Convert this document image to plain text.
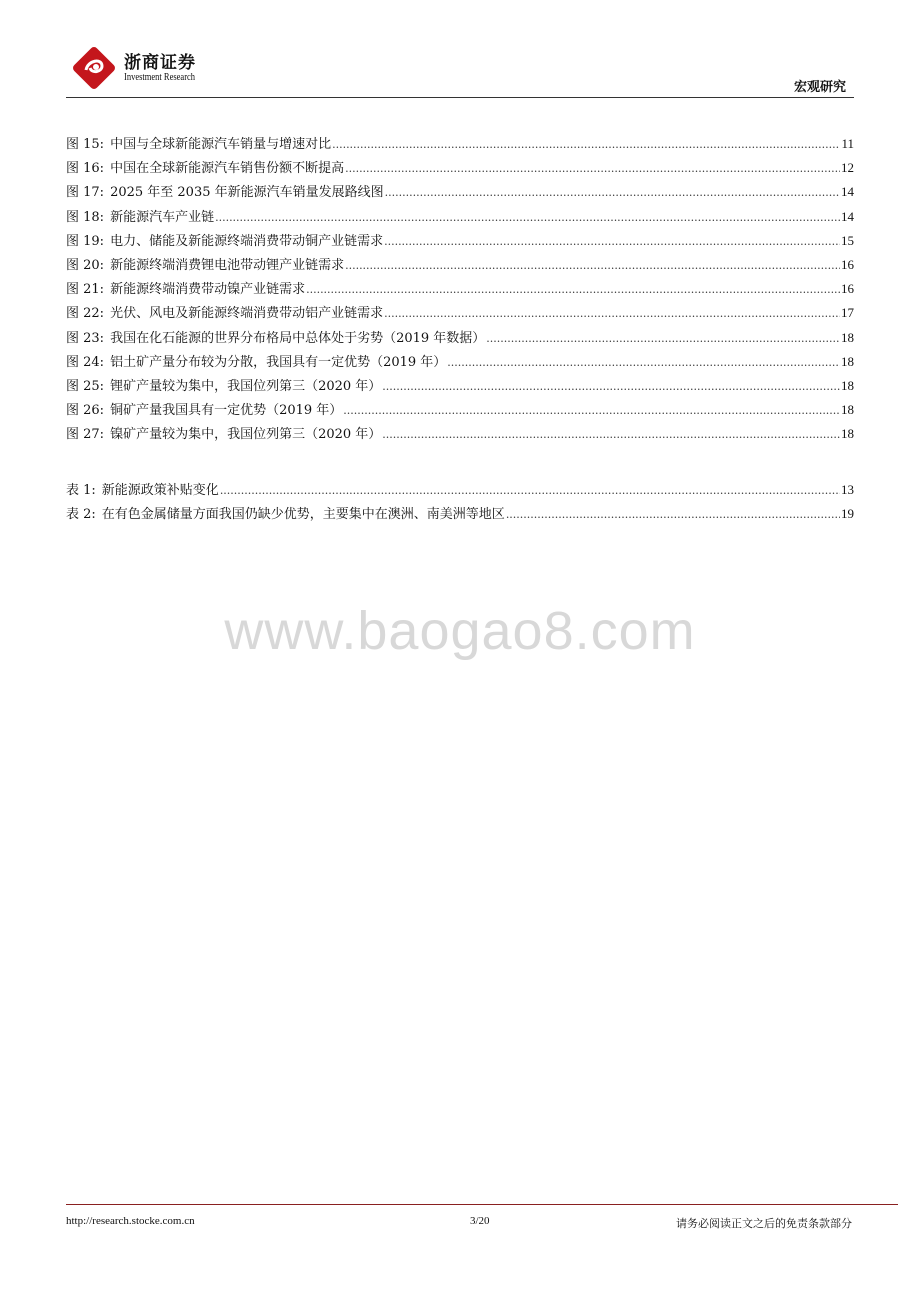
浙商证券
Investment Research
宏观研究
图 15: 中国与全球新能源汽车销量与增速对比 .....	11
图 16: 中国在全球新能源汽车销售份额不断提高 .....	12
图 17: 2025 年至 2035 年新能源汽车销量发展路线图 .....	14
图 18: 新能源汽车产业链 .....	14
图 19: 电力、储能及新能源终端消费带动铜产业链需求 .....	15
图 20: 新能源终端消费锂电池带动锂产业链需求 .....	16
图 21: 新能源终端消费带动镍产业链需求 .....	16
图 22: 光伏、风电及新能源终端消费带动铝产业链需求 .....	17
图 23: 我国在化石能源的世界分布格局中总体处于劣势（2019 年数据） .....	18
图 24: 铝土矿产量分布较为分散，我国具有一定优势（2019 年） .....	18
图 25: 锂矿产量较为集中，我国位列第三（2020 年） .....	18
图 26: 铜矿产量我国具有一定优势（2019 年） .....	18
图 27: 镍矿产量较为集中，我国位列第三（2020 年） .....	18
表 1: 新能源政策补贴变化 .....	13
表 2: 在有色金属储量方面我国仍缺少优势，主要集中在澳洲、南美洲等地区 .....	19
www.baogao8.com
http://research.stocke.com.cn	3/20	请务必阅读正文之后的免责条款部分
